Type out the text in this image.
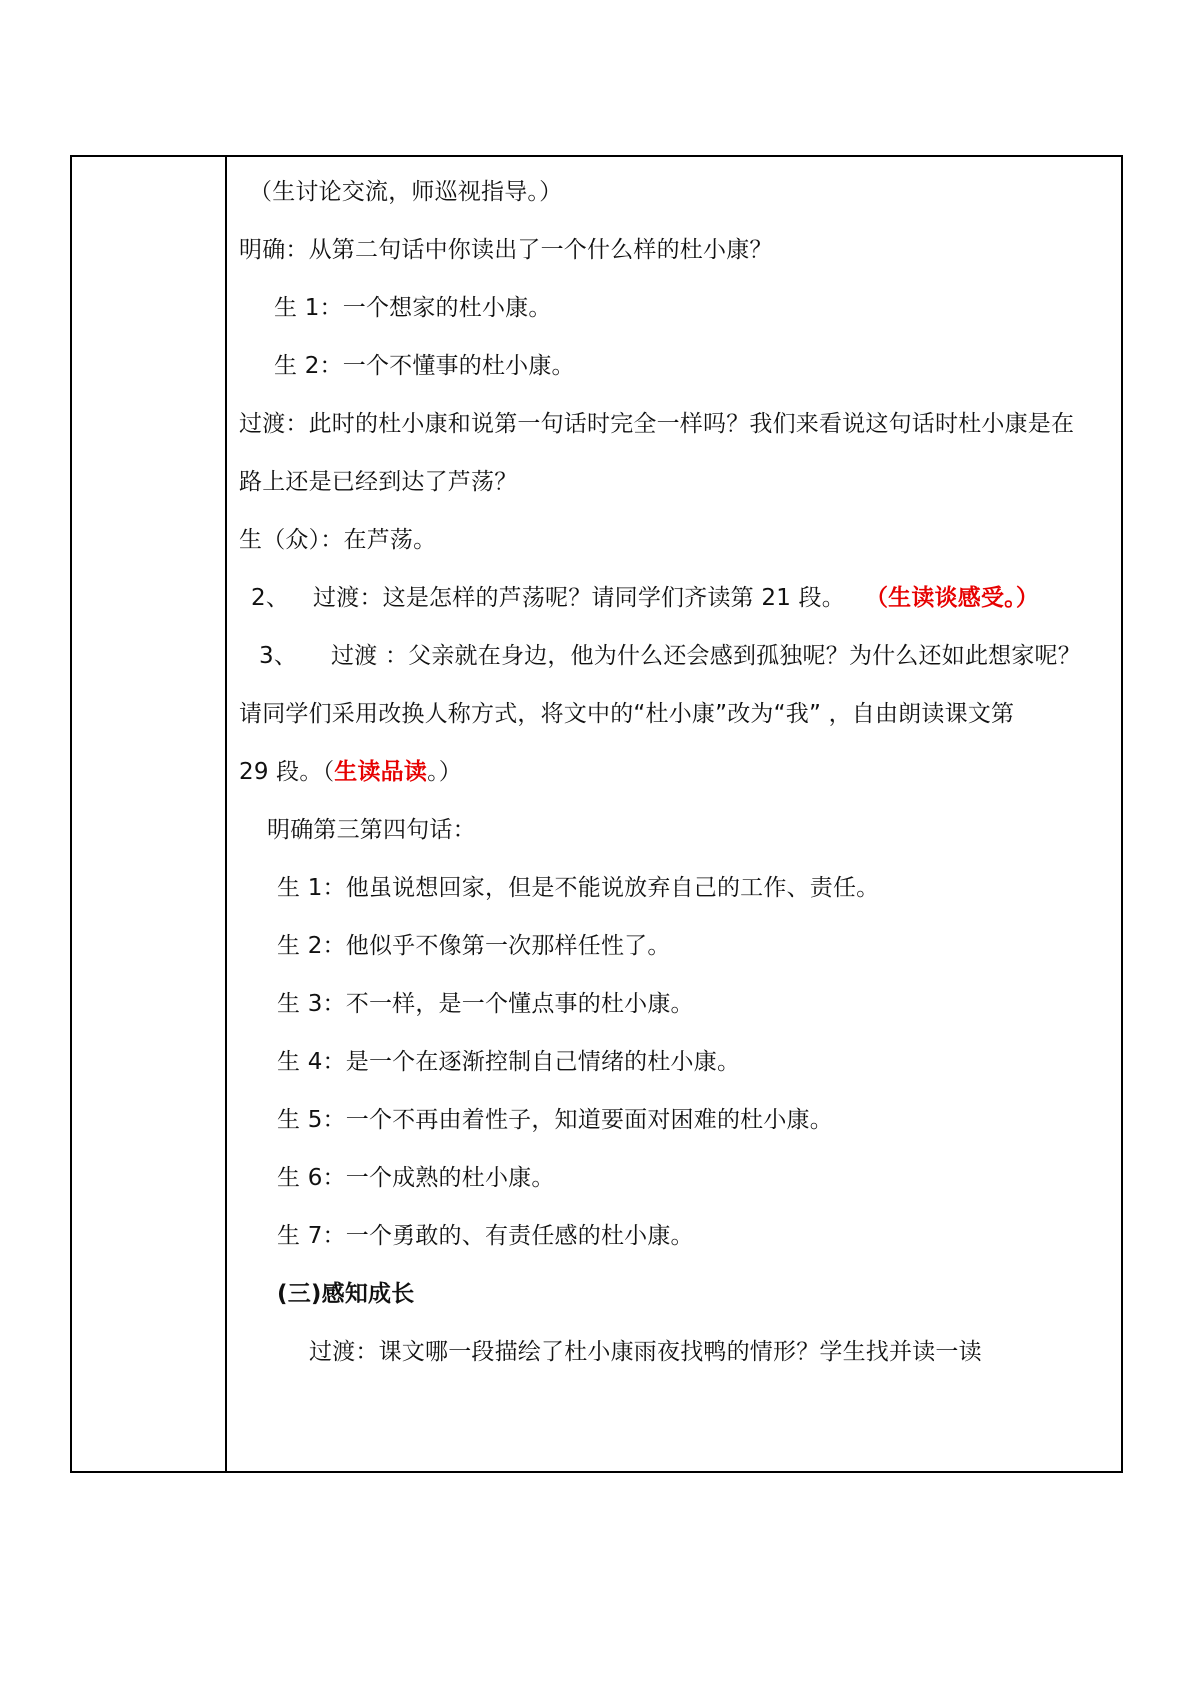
（生讨论交流，师巡视指导。）
明确：从第二句话中你读出了一个什么样的杜小康？
生 1：一个想家的杜小康。
生 2：一个不懂事的杜小康。
过渡：此时的杜小康和说第一句话时完全一样吗？我们来看说这句话时杜小康是在
路上还是已经到达了芦荡？
生（众）：在芦荡。
2、 过渡：这是怎样的芦荡呢？请同学们齐读第 21 段。 （生读谈感受。）
3、 过渡 ：父亲就在身边，他为什么还会感到孤独呢？为什么还如此想家呢？
请同学们采用改换人称方式，将文中的“杜小康”改为“我” ，自由朗读课文第
29 段。（生读品读。）
明确第三第四句话：
生 1：他虽说想回家，但是不能说放弃自己的工作、责任。
生 2：他似乎不像第一次那样任性了。
生 3：不一样，是一个懂点事的杜小康。
生 4：是一个在逐渐控制自己情绪的杜小康。
生 5：一个不再由着性子，知道要面对困难的杜小康。
生 6：一个成熟的杜小康。
生 7：一个勇敢的、有责任感的杜小康。
(三)感知成长
过渡：课文哪一段描绘了杜小康雨夜找鸭的情形？学生找并读一读
